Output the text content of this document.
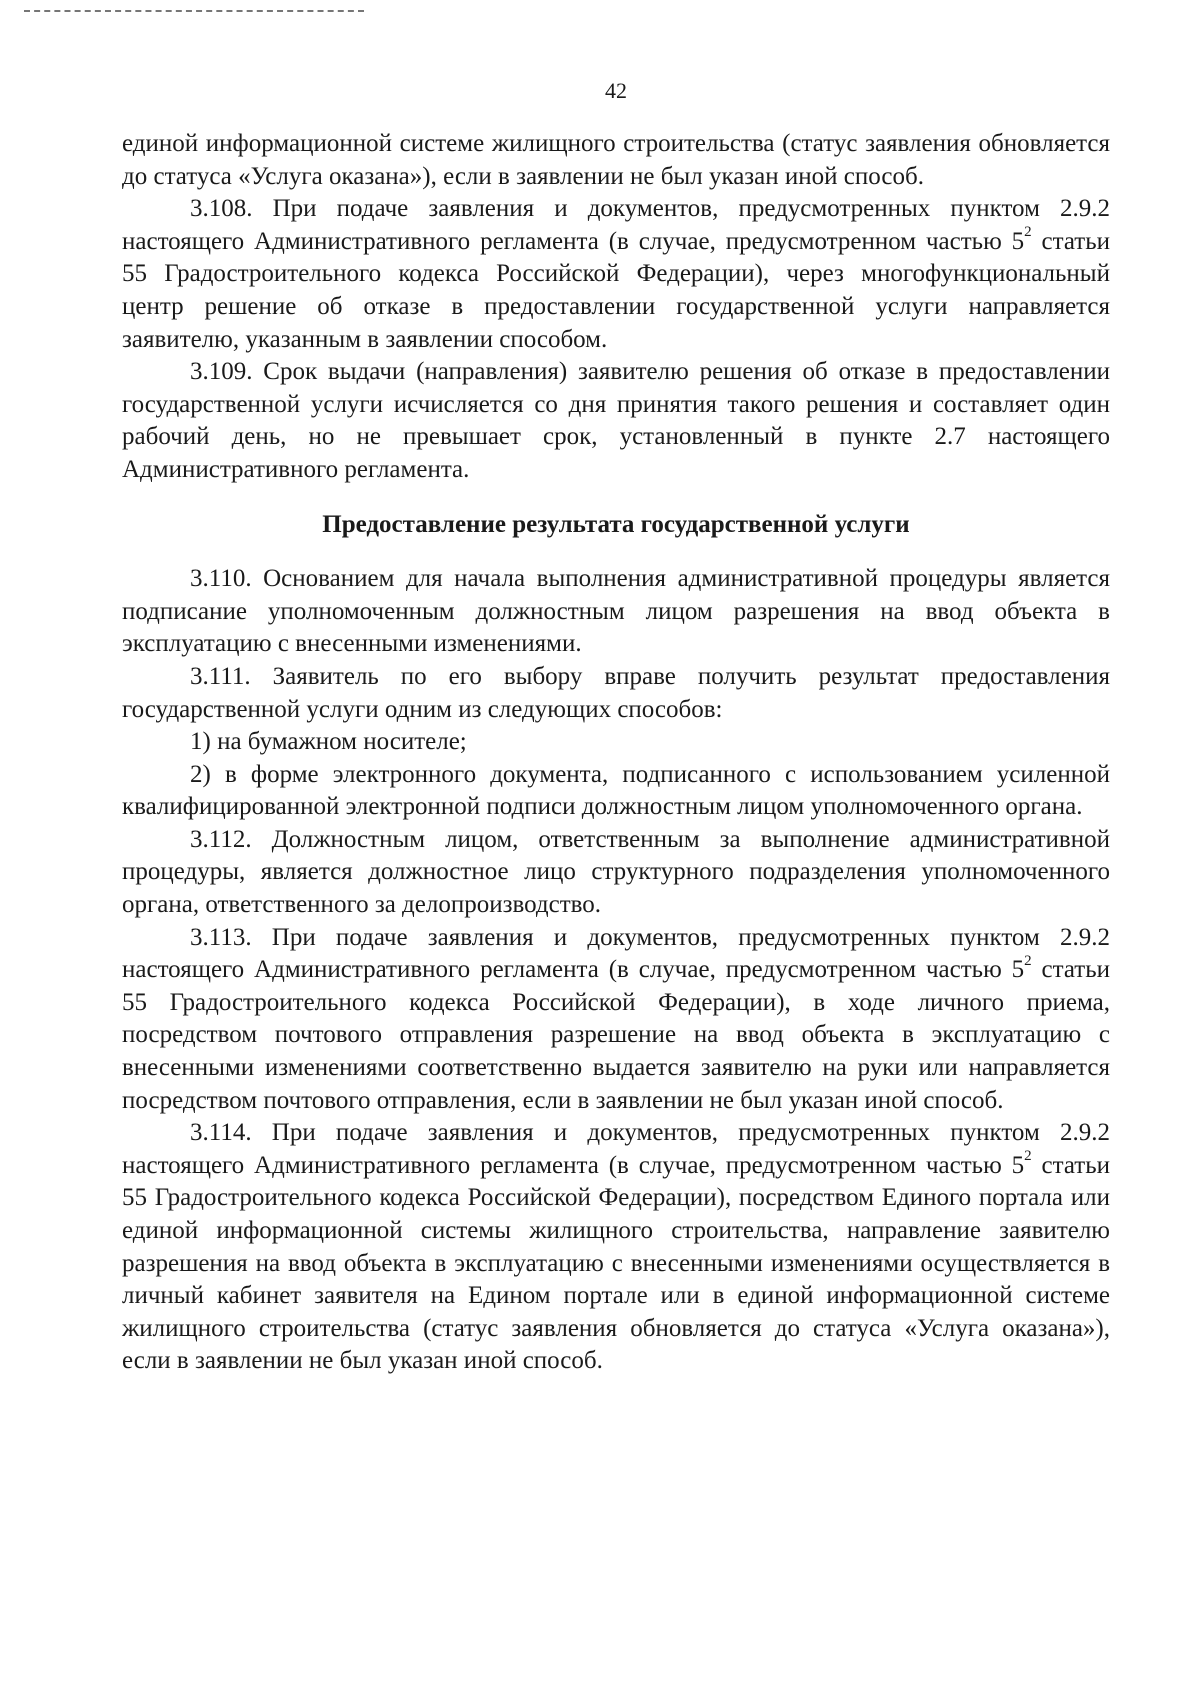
42

единой информационной системе жилищного строительства (статус заявления обновляется до статуса «Услуга оказана»), если в заявлении не был указан иной способ.

3.108. При подаче заявления и документов, предусмотренных пунктом 2.9.2 настоящего Административного регламента (в случае, предусмотренном частью $5^2$ статьи 55 Градостроительного кодекса Российской Федерации), через многофункциональный центр решение об отказе в предоставлении государственной услуги направляется заявителю, указанным в заявлении способом.

3.109. Срок выдачи (направления) заявителю решения об отказе в предоставлении государственной услуги исчисляется со дня принятия такого решения и составляет один рабочий день, но не превышает срок, установленный в пункте 2.7 настоящего Административного регламента.

Предоставление результата государственной услуги

3.110. Основанием для начала выполнения административной процедуры является подписание уполномоченным должностным лицом разрешения на ввод объекта в эксплуатацию с внесенными изменениями.

3.111. Заявитель по его выбору вправе получить результат предоставления государственной услуги одним из следующих способов:

1) на бумажном носителе;

2) в форме электронного документа, подписанного с использованием усиленной квалифицированной электронной подписи должностным лицом уполномоченного органа.

3.112. Должностным лицом, ответственным за выполнение административной процедуры, является должностное лицо структурного подразделения уполномоченного органа, ответственного за делопроизводство.

3.113. При подаче заявления и документов, предусмотренных пунктом 2.9.2 настоящего Административного регламента (в случае, предусмотренном частью $5^2$ статьи 55 Градостроительного кодекса Российской Федерации), в ходе личного приема, посредством почтового отправления разрешение на ввод объекта в эксплуатацию с внесенными изменениями соответственно выдается заявителю на руки или направляется посредством почтового отправления, если в заявлении не был указан иной способ.

3.114. При подаче заявления и документов, предусмотренных пунктом 2.9.2 настоящего Административного регламента (в случае, предусмотренном частью $5^2$ статьи 55 Градостроительного кодекса Российской Федерации), посредством Единого портала или единой информационной системы жилищного строительства, направление заявителю разрешения на ввод объекта в эксплуатацию с внесенными изменениями осуществляется в личный кабинет заявителя на Едином портале или в единой информационной системе жилищного строительства (статус заявления обновляется до статуса «Услуга оказана»), если в заявлении не был указан иной способ.
